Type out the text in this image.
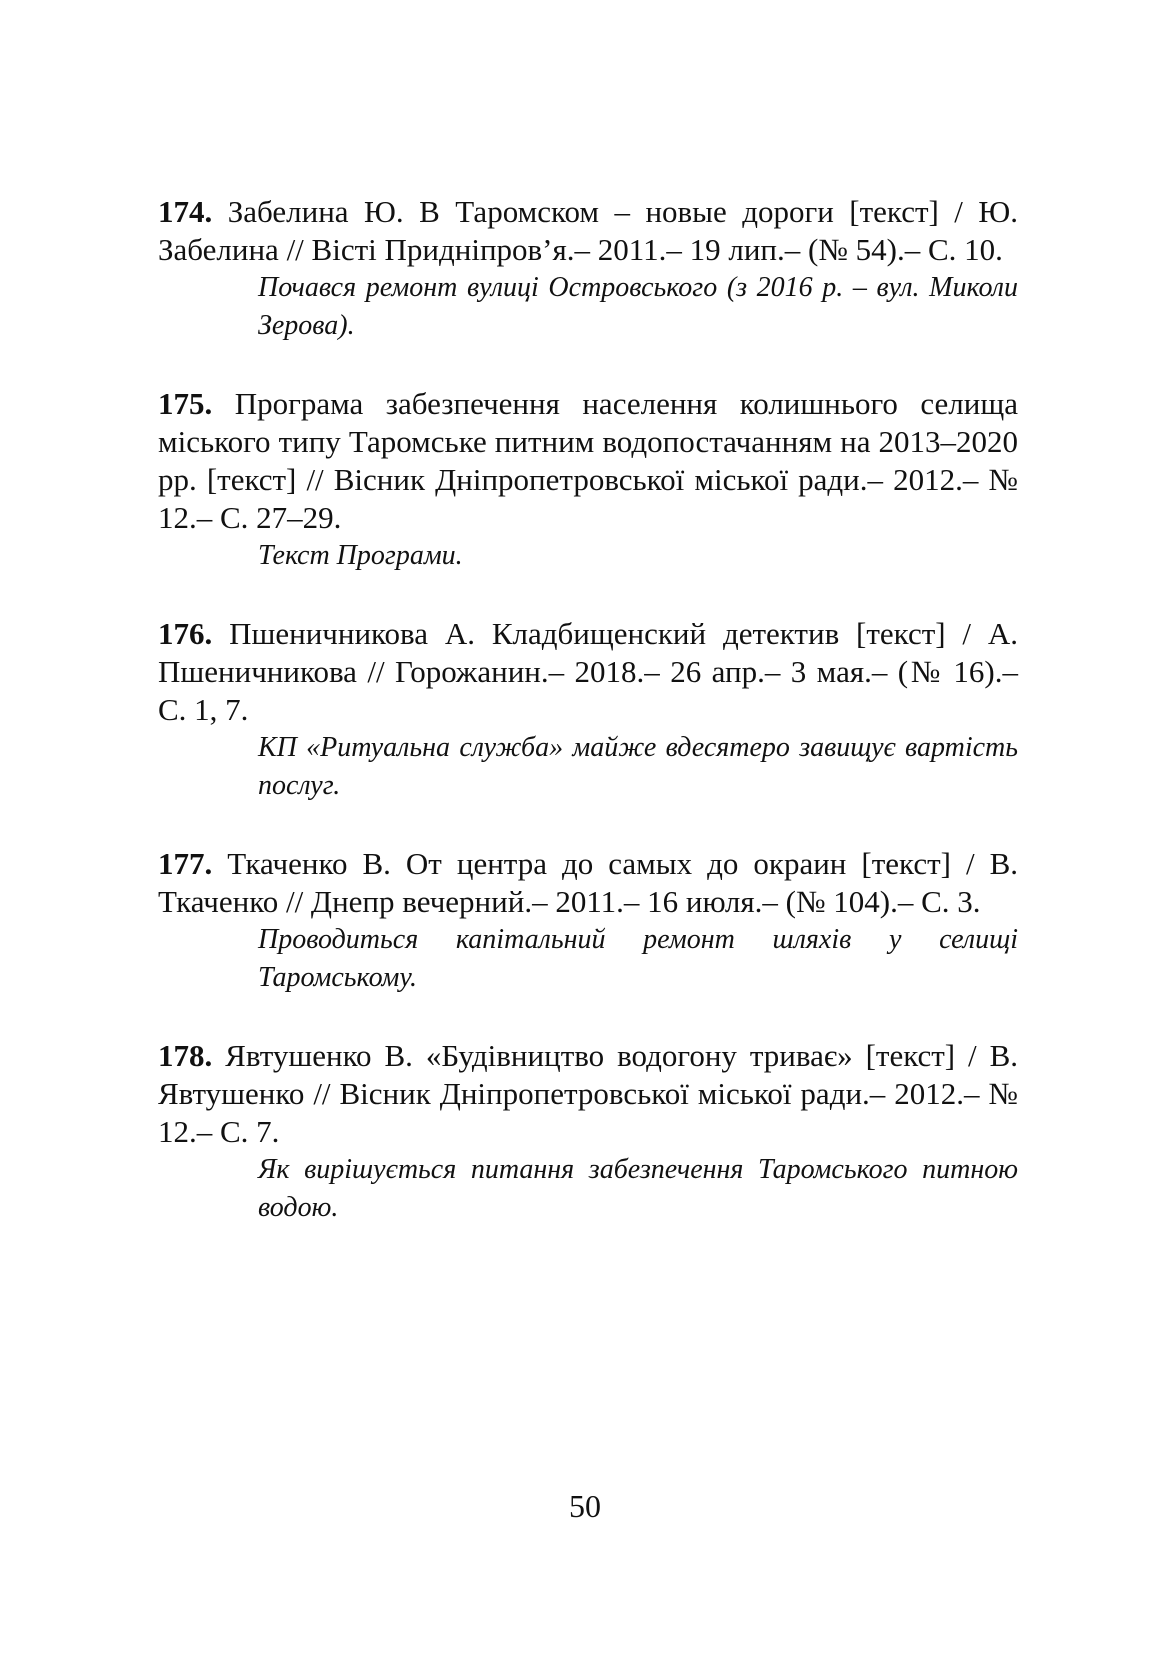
174. Забелина Ю. В Таромском – новые дороги [текст] / Ю. Забелина // Вісті Придніпров’я.– 2011.– 19 лип.– (№ 54).– С. 10.

Почався ремонт вулиці Островського (з 2016 р. – вул. Миколи Зерова).

175. Програма забезпечення населення колишнього селища міського типу Таромське питним водопостачанням на 2013–2020 рр. [текст] // Вісник Дніпропетровської міської ради.– 2012.– № 12.– С. 27–29.

Текст Програми.

176. Пшеничникова А. Кладбищенский детектив [текст] / А. Пшеничникова // Горожанин.– 2018.– 26 апр.– 3 мая.– (№ 16).– С. 1, 7.

КП «Ритуальна служба» майже вдесятеро завищує вартість послуг.

177. Ткаченко В. От центра до самых до окраин [текст] / В. Ткаченко // Днепр вечерний.– 2011.– 16 июля.– (№ 104).– С. 3.

Проводиться капітальний ремонт шляхів у селищі Таромському.

178. Явтушенко В. «Будівництво водогону триває» [текст] / В. Явтушенко // Вісник Дніпропетровської міської ради.– 2012.– № 12.– С. 7.

Як вирішується питання забезпечення Таромського питною водою.

50
